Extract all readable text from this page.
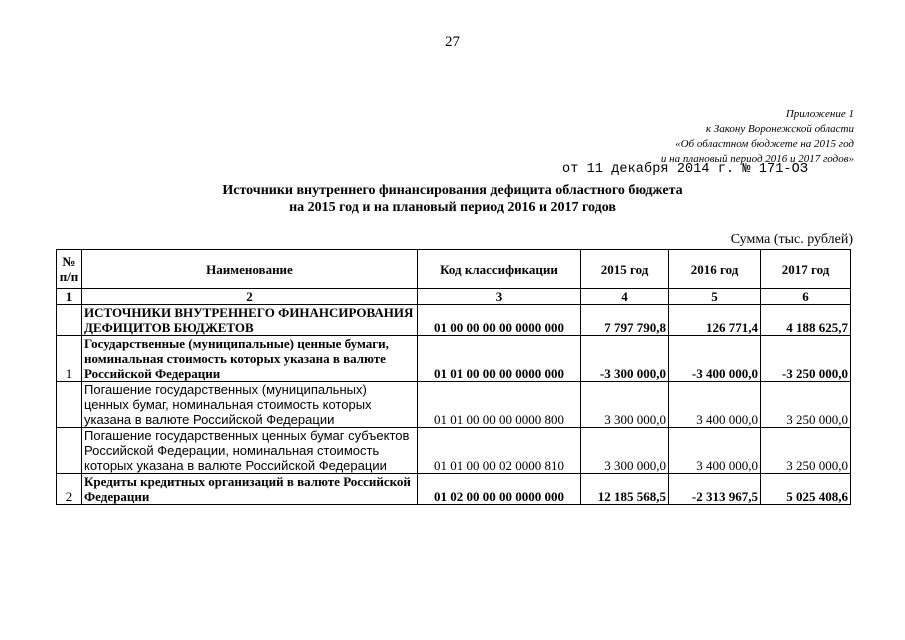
27
Приложение 1
к Закону Воронежской области
«Об областном бюджете на 2015 год
и на плановый период 2016 и 2017 годов»
от 11 декабря 2014 г. № 171-ОЗ
Источники внутреннего финансирования дефицита областного бюджета
на 2015 год и на плановый период 2016 и 2017 годов
Сумма (тыс. рублей)
№ п/п	Наименование	Код классификации	2015 год	2016 год	2017 год
1	2	3	4	5	6
	ИСТОЧНИКИ ВНУТРЕННЕГО ФИНАНСИРОВАНИЯ ДЕФИЦИТОВ БЮДЖЕТОВ	01 00 00 00 00 0000 000	7 797 790,8	126 771,4	4 188 625,7
1	Государственные (муниципальные) ценные бумаги, номинальная стоимость которых указана в валюте Российской Федерации	01 01 00 00 00 0000 000	-3 300 000,0	-3 400 000,0	-3 250 000,0
	Погашение государственных (муниципальных) ценных бумаг, номинальная стоимость которых указана в валюте Российской Федерации	01 01 00 00 00 0000 800	3 300 000,0	3 400 000,0	3 250 000,0
	Погашение государственных ценных бумаг субъектов Российской Федерации, номинальная стоимость которых указана в валюте Российской Федерации	01 01 00 00 02 0000 810	3 300 000,0	3 400 000,0	3 250 000,0
2	Кредиты кредитных организаций в валюте Российской Федерации	01 02 00 00 00 0000 000	12 185 568,5	-2 313 967,5	5 025 408,6
